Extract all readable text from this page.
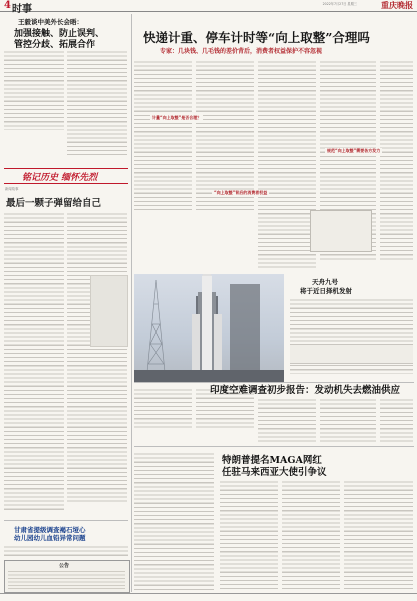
4 时事	2022年7月27日 星期三	重庆晚报
王毅谈中美外长会晤：
加强接触、防止误判、
管控分歧、拓展合作
铭记历史 缅怀先烈
新闻故事
最后一颗子弹留给自己
甘肃省提级调查褐石垭心
幼儿园幼儿血铅异常问题
公告
快递计重、停车计时等“向上取整”合理吗
专家：几块钱、几毛钱的差价背后，消费者权益保护不容忽视
计量“向上取整”是否合理？
“向上取整”背后的消费者权益
规范“向上取整”需要各方发力
天舟九号
将于近日择机发射
印度空难调查初步报告：发动机失去燃油供应
特朗普提名MAGA网红
任驻马来西亚大使引争议
